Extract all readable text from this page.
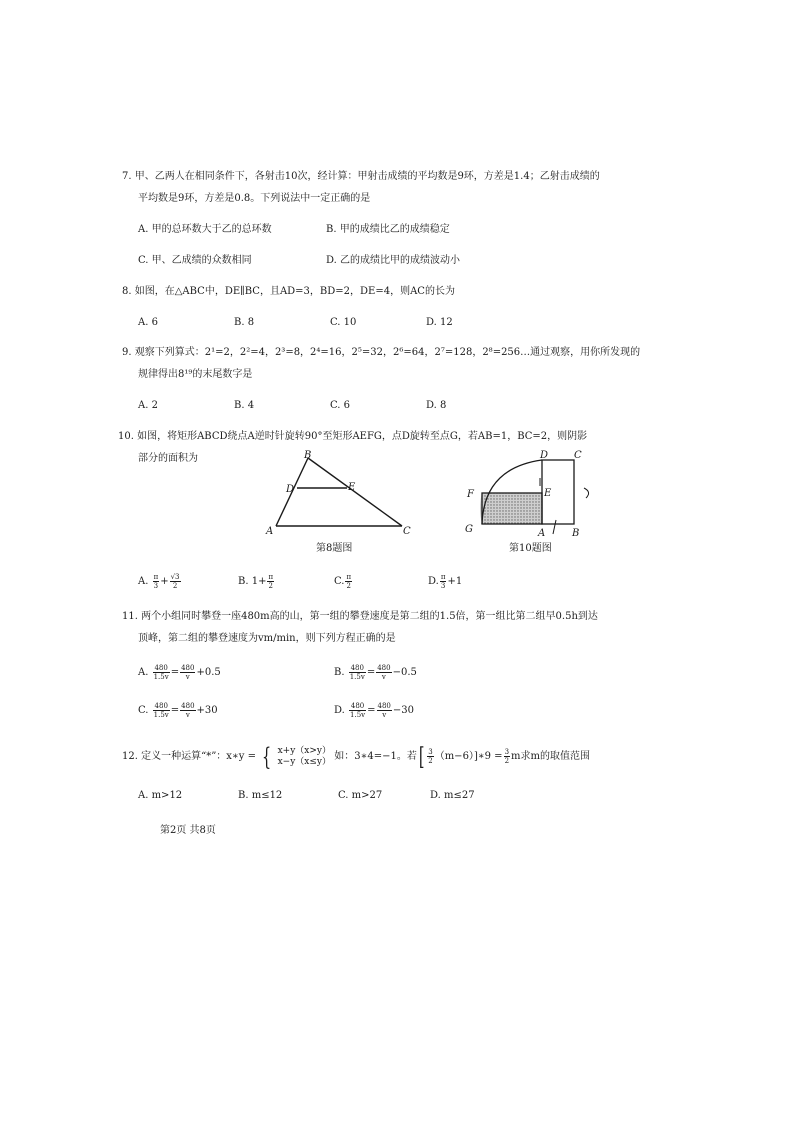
7. 甲、乙两人在相同条件下，各射击10次，经计算：甲射击成绩的平均数是9环，方差是1.4；乙射击成绩的
平均数是9环，方差是0.8。下列说法中一定正确的是
A. 甲的总环数大于乙的总环数	B. 甲的成绩比乙的成绩稳定
C. 甲、乙成绩的众数相同	D. 乙的成绩比甲的成绩波动小
8. 如图，在△ABC中，DE∥BC，且AD=3，BD=2，DE=4，则AC的长为
A. 6	B. 8	C. 10	D. 12
9. 观察下列算式：2¹=2，2²=4，2³=8，2⁴=16，2⁵=32，2⁶=64，2⁷=128，2⁸=256…通过观察，用你所发现的
规律得出8¹⁹的末尾数字是
A. 2	B. 4	C. 6	D. 8
10. 如图，将矩形ABCD绕点A逆时针旋转90°至矩形AEFG，点D旋转至点G，若AB=1，BC=2，则阴影
部分的面积为	B
D	E
A	C
第8题图
D	C
F	E
G	A	B
第10题图
A. $\frac{\pi}{3} + \frac{√3}{2}$	B. $1+ \frac{\pi}{2}$	C. $\frac{\pi}{2}$	D. $\frac{\pi}{3} +1$
11. 两个小组同时攀登一座480m高的山，第一组的攀登速度是第二组的1.5倍，第一组比第二组早0.5h到达
顶峰，第二组的攀登速度为vm/min，则下列方程正确的是
A. $\frac{480}{1.5v} = \frac{480}{v} +0.5$	B. $\frac{480}{1.5v} = \frac{480}{v} -0.5$
C. $\frac{480}{1.5v} = \frac{480}{v} +30$	D. $\frac{480}{1.5v} = \frac{480}{v} -30$
12. 定义一种运算“*”：x∗y = { x+y（x>y）
x−y（x≤y） 如：3∗4=−1。若[ $\frac{3}{2}$ （m−6）]∗9 = $\frac{3}{2}$ m求m的取值范围
A. m>12	B. m≤12	C. m>27	D. m≤27
第2页 共8页
